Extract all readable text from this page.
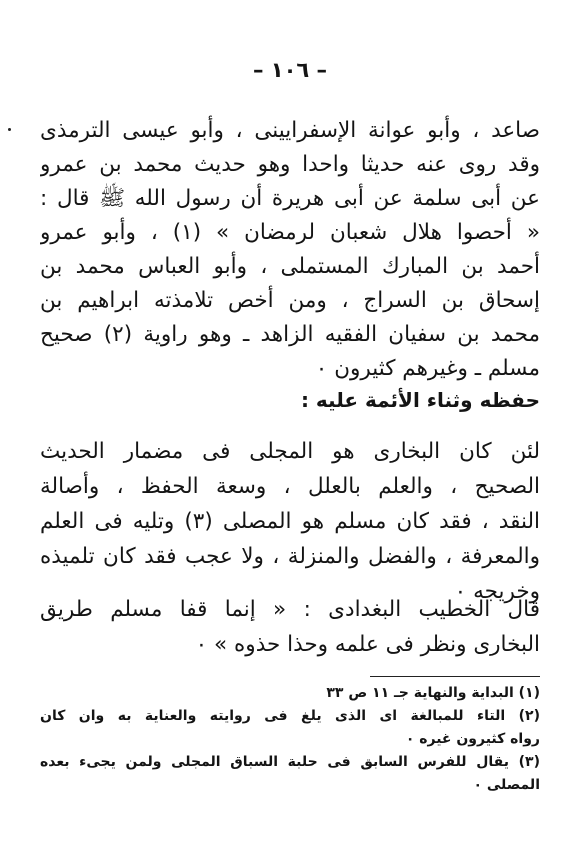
– ١٠٦ –
صاعد ، وأبو عوانة الإسفرايينى ، وأبو عيسى الترمذى
وقد روى عنه حديثا واحدا وهو حديث محمد بن عمرو
عن أبى سلمة عن أبى هريرة أن رسول الله ﷺ قال :
« أحصوا هلال شعبان لرمضان » (١) ، وأبو عمرو
أحمد بن المبارك المستملى ، وأبو العباس محمد بن
إسحاق بن السراج ، ومن أخص تلامذته ابراهيم بن
محمد بن سفيان الفقيه الزاهد ـ وهو راوية (٢) صحيح
مسلم ـ وغيرهم كثيرون ٠
حفظه وثناء الأئمة عليه :
لئن كان البخارى هو المجلى فى مضمار الحديث
الصحيح ، والعلم بالعلل ، وسعة الحفظ ، وأصالة
النقد ، فقد كان مسلم هو المصلى (٣) وتليه فى العلم
والمعرفة ، والفضل والمنزلة ، ولا عجب فقد كان تلميذه
وخريجه ٠
قال الخطيب البغدادى : « إنما قفا مسلم طريق
البخارى ونظر فى علمه وحذا حذوه » ٠
(١) البداية والنهاية جـ ١١ ص ٣٣
(٢) التاء للمبالغة اى الذى يلغ فى روايته والعناية به وان كان
رواه كثيرون غيره ٠
(٣) يقال للفرس السابق فى حلبة السباق المجلى ولمن يجىء بعده
المصلى ٠
